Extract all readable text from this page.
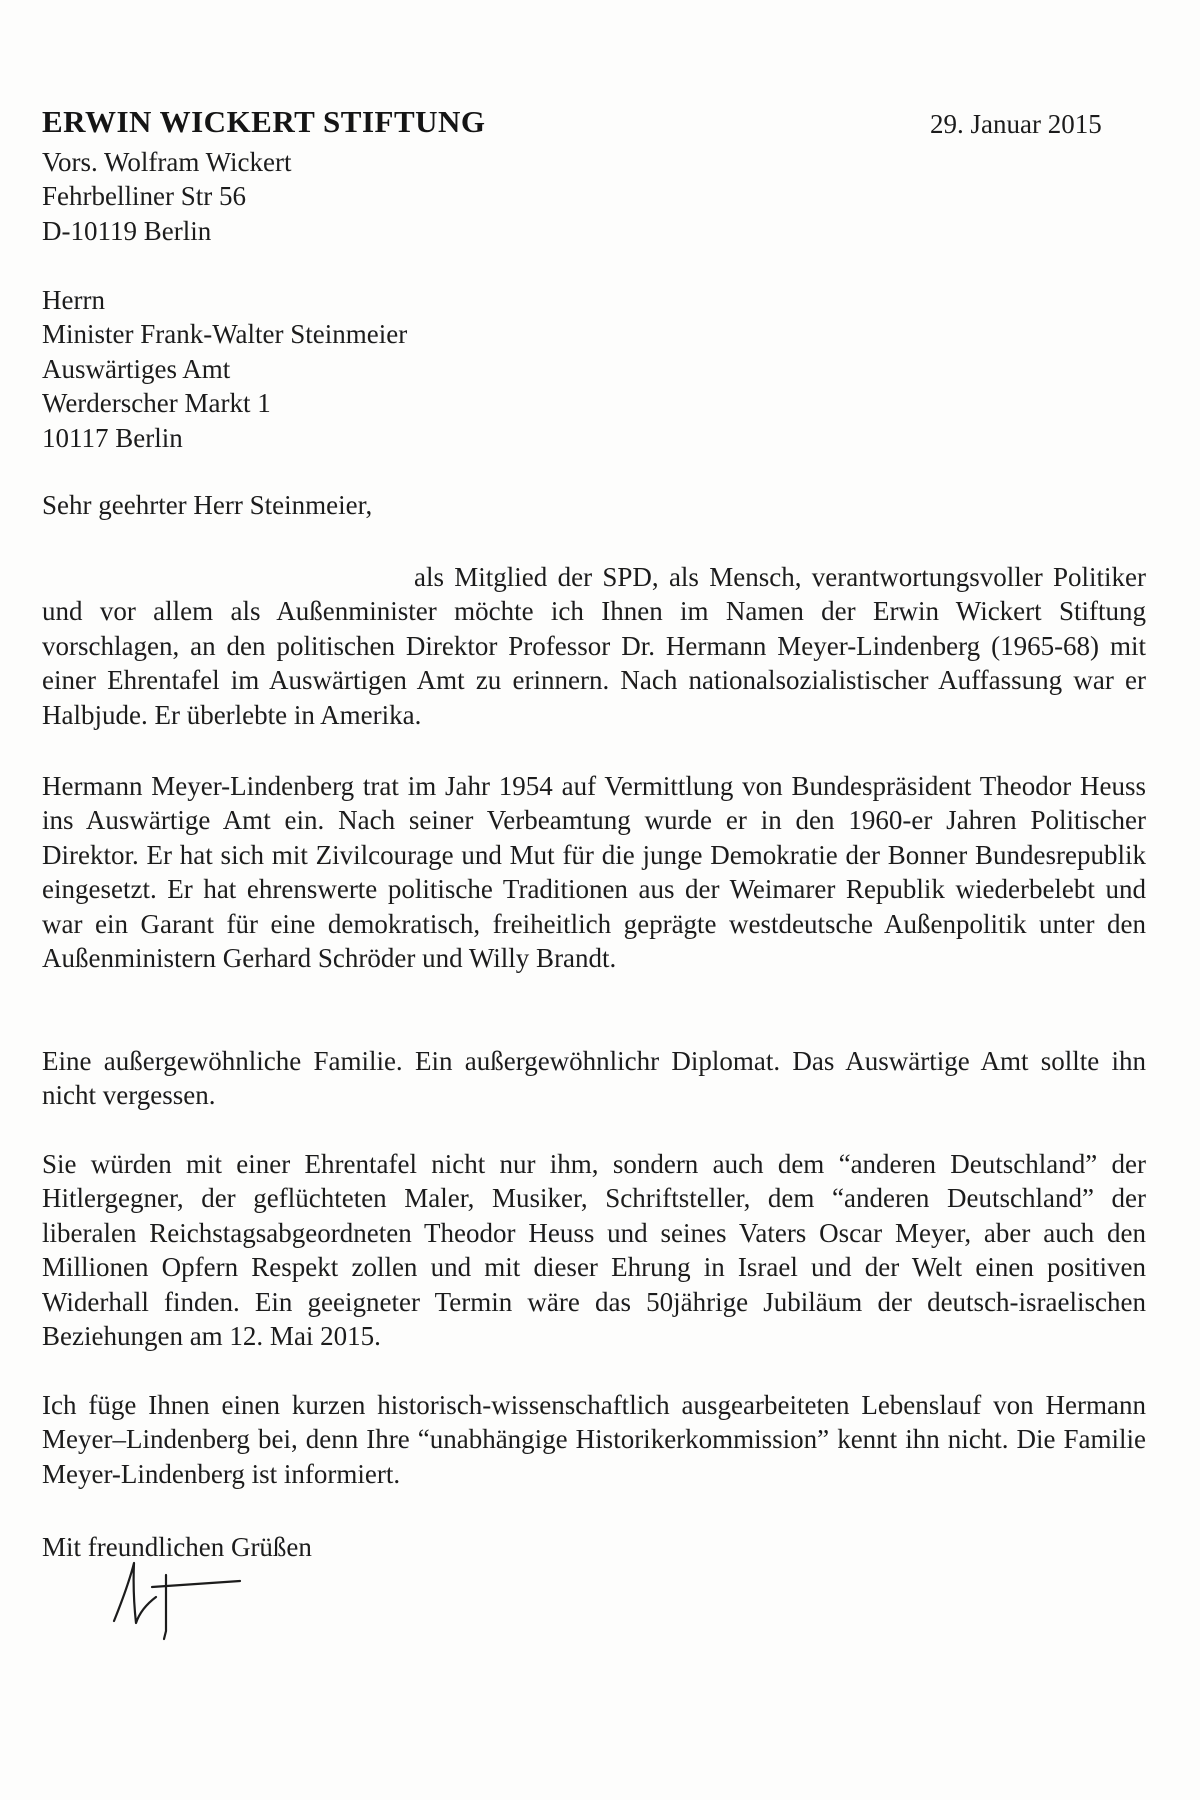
ERWIN WICKERT STIFTUNG	29. Januar 2015
Vors. Wolfram Wickert
Fehrbelliner Str 56
D-10119 Berlin
Herrn
Minister Frank-Walter Steinmeier
Auswärtiges Amt
Werderscher Markt 1
10117 Berlin
Sehr geehrter Herr Steinmeier,

als Mitglied der SPD, als Mensch, verantwortungsvoller Politiker und vor allem als Außenminister möchte ich Ihnen im Namen der Erwin Wickert Stiftung vorschlagen, an den politischen Direktor Professor Dr. Hermann Meyer-Lindenberg (1965-68) mit einer Ehrentafel im Auswärtigen Amt zu erinnern. Nach nationalsozialistischer Auffassung war er Halbjude. Er überlebte in Amerika.

Hermann Meyer-Lindenberg trat im Jahr 1954 auf Vermittlung von Bundespräsident Theodor Heuss ins Auswärtige Amt ein. Nach seiner Verbeamtung wurde er in den 1960-er Jahren Politischer Direktor. Er hat sich mit Zivilcourage und Mut für die junge Demokratie der Bonner Bundesrepublik eingesetzt. Er hat ehrenswerte politische Traditionen aus der Weimarer Republik wiederbelebt und war ein Garant für eine demokratisch, freiheitlich geprägte westdeutsche Außenpolitik unter den Außenministern Gerhard Schröder und Willy Brandt.

Eine außergewöhnliche Familie. Ein außergewöhnlichr Diplomat. Das Auswärtige Amt sollte ihn nicht vergessen.

Sie würden mit einer Ehrentafel nicht nur ihm, sondern auch dem “anderen Deutschland” der Hitlergegner, der geflüchteten Maler, Musiker, Schriftsteller, dem “anderen Deutschland” der liberalen Reichstagsabgeordneten Theodor Heuss und seines Vaters Oscar Meyer, aber auch den Millionen Opfern Respekt zollen und mit dieser Ehrung in Israel und der Welt einen positiven Widerhall finden. Ein geeigneter Termin wäre das 50jährige Jubiläum der deutsch-israelischen Beziehungen am 12. Mai 2015.

Ich füge Ihnen einen kurzen historisch-wissenschaftlich ausgearbeiteten Lebenslauf von Hermann Meyer–Lindenberg bei, denn Ihre “unabhängige Historikerkommission” kennt ihn nicht. Die Familie Meyer-Lindenberg ist informiert.

Mit freundlichen Grüßen
